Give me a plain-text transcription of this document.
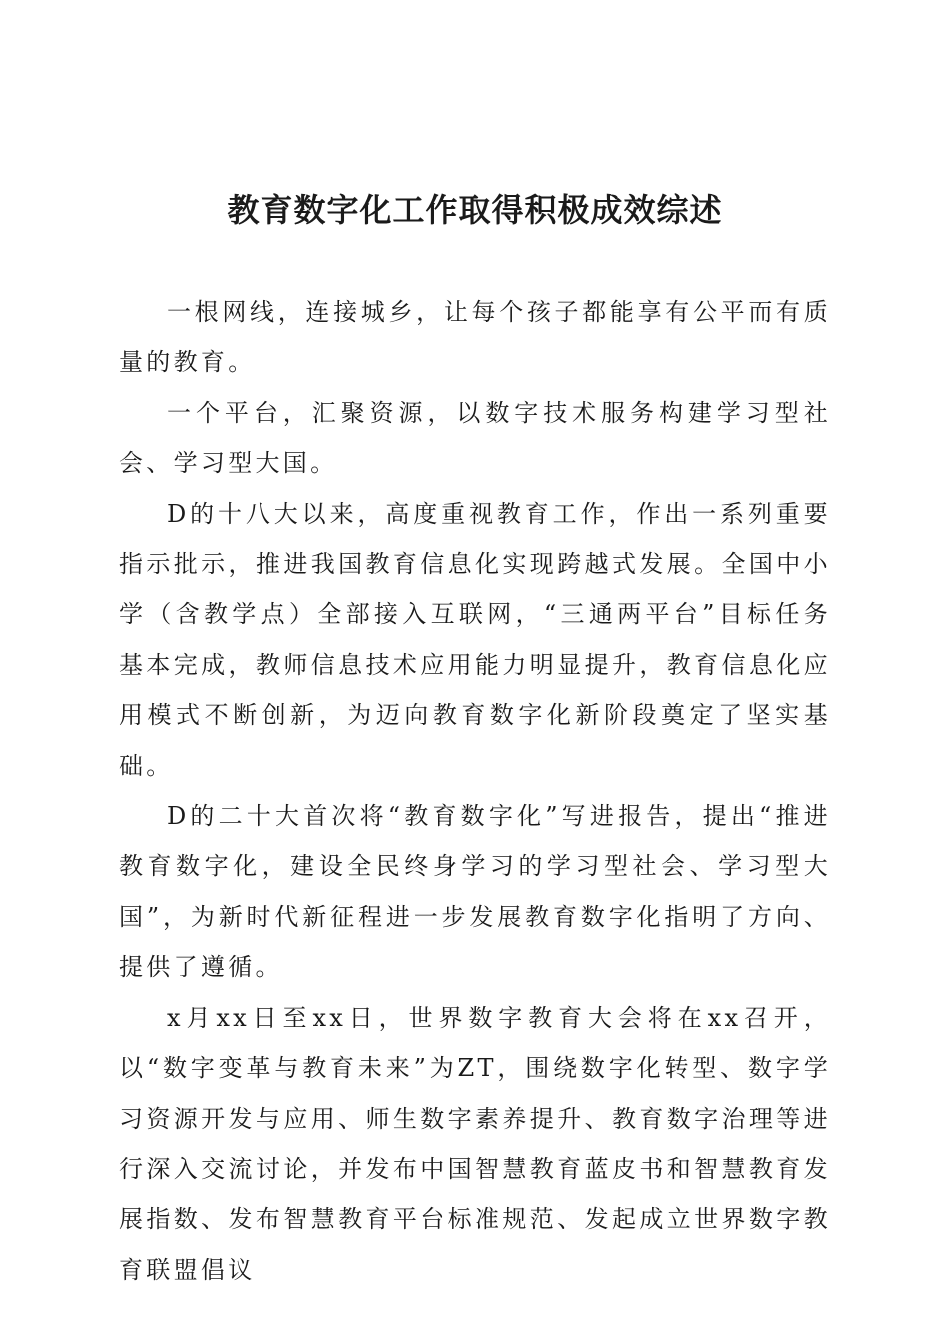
教育数字化工作取得积极成效综述

一根网线，连接城乡，让每个孩子都能享有公平而有质量的教育。

一个平台，汇聚资源，以数字技术服务构建学习型社会、学习型大国。

D的十八大以来，高度重视教育工作，作出一系列重要指示批示，推进我国教育信息化实现跨越式发展。全国中小学（含教学点）全部接入互联网，“三通两平台”目标任务基本完成，教师信息技术应用能力明显提升，教育信息化应用模式不断创新，为迈向教育数字化新阶段奠定了坚实基础。

D的二十大首次将“教育数字化”写进报告，提出“推进教育数字化，建设全民终身学习的学习型社会、学习型大国”，为新时代新征程进一步发展教育数字化指明了方向、提供了遵循。

x月xx日至xx日，世界数字教育大会将在xx召开，以“数字变革与教育未来”为ZT，围绕数字化转型、数字学习资源开发与应用、师生数字素养提升、教育数字治理等进行深入交流讨论，并发布中国智慧教育蓝皮书和智慧教育发展指数、发布智慧教育平台标准规范、发起成立世界数字教育联盟倡议
